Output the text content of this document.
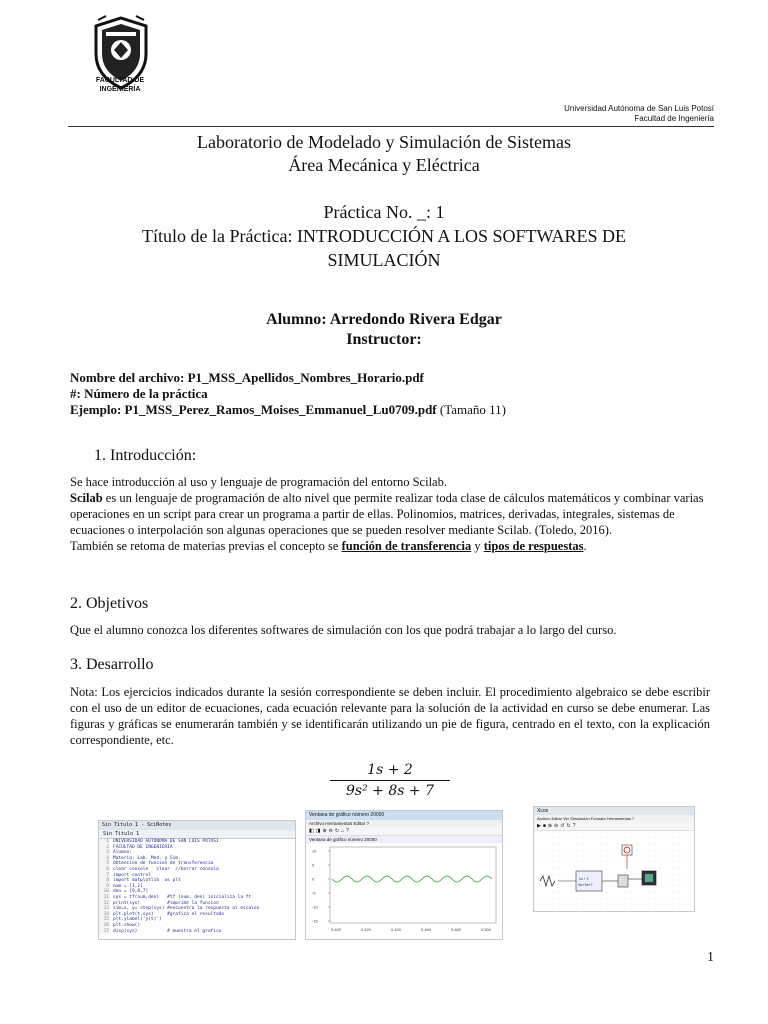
FACULTAD DE
INGENIERÍA
Universidad Autónoma de San Luis Potosí
Facultad de Ingeniería
Laboratorio de Modelado y Simulación de Sistemas
Área Mecánica y Eléctrica
Práctica No. _: 1
Título de la Práctica: INTRODUCCIÓN A LOS SOFTWARES DE
SIMULACIÓN
Alumno: Arredondo Rivera Edgar
Instructor:
Nombre del archivo: P1_MSS_Apellidos_Nombres_Horario.pdf
#: Número de la práctica
Ejemplo: P1_MSS_Perez_Ramos_Moises_Emmanuel_Lu0709.pdf (Tamaño 11)
1. Introducción:
Se hace introducción al uso y lenguaje de programación del entorno Scilab.
Scilab es un lenguaje de programación de alto nivel que permite realizar toda clase de cálculos matemáticos y combinar varias operaciones en un script para crear un programa a partir de ellas. Polinomios, matrices, derivadas, integrales, sistemas de ecuaciones o interpolación son algunas operaciones que se pueden resolver mediante Scilab. (Toledo, 2016).
También se retoma de materias previas el concepto se función de transferencia y tipos de respuestas.
2. Objetivos
Que el alumno conozca los diferentes softwares de simulación con los que podrá trabajar a lo largo del curso.
3. Desarrollo
Nota: Los ejercicios indicados durante la sesión correspondiente se deben incluir. El procedimiento algebraico se debe escribir con el uso de un editor de ecuaciones, cada ecuación relevante para la solución de la actividad en curso se debe enumerar. Las figuras y gráficas se enumerarán también y se identificarán utilizando un pie de figura, centrado en el texto, con la explicación correspondiente, etc.
$\frac{1s + 2}{\text{9s² + 8s + 7}}$
Sin Titulo 1 - SciNotes
Sin Titulo 1
1
2
3
4
5
6
7
8
9
10
11
12
13
14
15
16
17
UNIVERSIDAD AUTONOMA DE SAN LUIS POTOSI
FACULTAD DE INGENIERIA
Alumno:
Materia: Lab. Mod. y Sim.
Obtencion de funcion de transferencia
clear console   clear  //borrar consola
import control
import matplotlib  as plt
num = [1,2]
den = [9,8,7]
sys = tf(num,den)   #tf (num, den) inicializa la ft
print(sys)          #imprime la funcion
sim=x, y= step(sys) #encuentra la respuesta al escalon
plt.plot(t,sys)     #grafica el resultado
plt.ylabel('y(t)')
plt.show()
disp(sys)           # muestra el grafico
Ventana de gráfico número 20000
Archivo Herramientas Editar ?
◧◨⊕⊖↻⌂?
Ventana de gráfico número 20000
10
5
0
-5
-10
-15
0.400	0.420	0.440	0.460	0.480	0.500
Xcos
Archivo Editar Ver Simulación Formato Herramientas ?
▶■⊕⊖↺↻?
1s + 2
9s²+8s+7
1
